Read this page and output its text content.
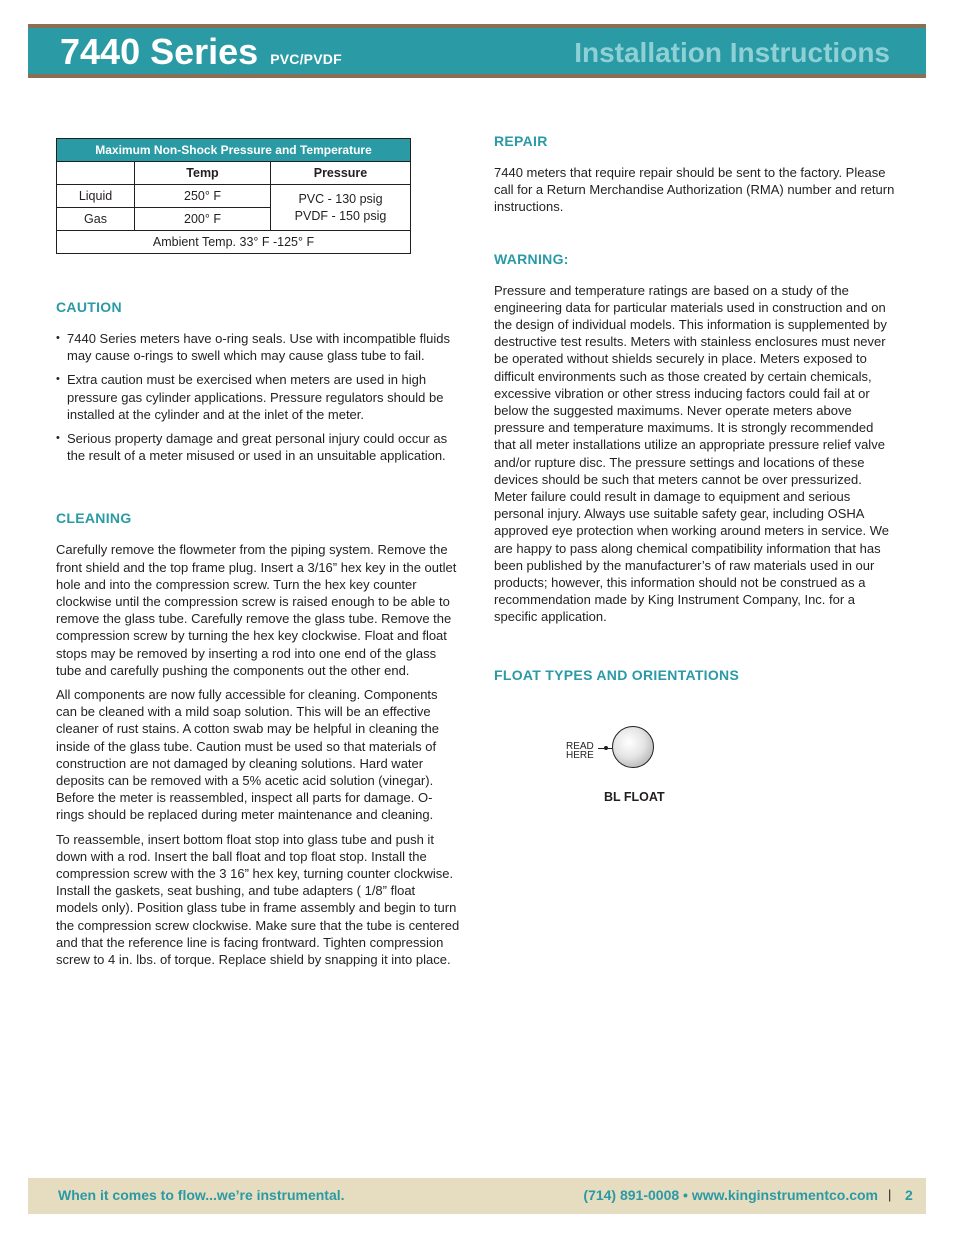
7440 Series PVC/PVDF	Installation Instructions
Maximum Non-Shock Pressure and Temperature		
	Temp	Pressure
Liquid	250° F	PVC - 130 psig
PVDF - 150 psig

Gas	200° F	
Ambient Temp. 33° F -125° F		
CAUTION
• 7440 Series meters have o-ring seals. Use with incompatible fluids may cause o-rings to swell which may cause glass tube to fail.
• Extra caution must be exercised when meters are used in high pressure gas cylinder applications. Pressure regulators should be installed at the cylinder and at the inlet of the meter.
• Serious property damage and great personal injury could occur as the result of a meter misused or used in an unsuitable application.
CLEANING

Carefully remove the flowmeter from the piping system. Remove the front shield and the top frame plug. Insert a 3/16” hex key in the outlet hole and into the compression screw. Turn the hex key counter clockwise until the compression screw is raised enough to be able to remove the glass tube. Carefully remove the glass tube. Remove the compression screw by turning the hex key clockwise. Float and float stops may be removed by inserting a rod into one end of the glass tube and carefully pushing the components out the other end.

All components are now fully accessible for cleaning. Components can be cleaned with a mild soap solution. This will be an effective cleaner of rust stains. A cotton swab may be helpful in cleaning the inside of the glass tube. Caution must be used so that materials of construction are not damaged by cleaning solutions. Hard water deposits can be removed with a 5% acetic acid solution (vinegar). Before the meter is reassembled, inspect all parts for damage. O-rings should be replaced during meter maintenance and cleaning.

To reassemble, insert bottom float stop into glass tube and push it down with a rod. Insert the ball float and top float stop. Install the compression screw with the 3 16” hex key, turning counter clockwise. Install the gaskets, seat bushing, and tube adapters ( 1/8” float models only). Position glass tube in frame assembly and begin to turn the compression screw clockwise. Make sure that the tube is centered and that the reference line is facing frontward. Tighten compression screw to 4 in. lbs. of torque. Replace shield by snapping it into place.

REPAIR

7440 meters that require repair should be sent to the factory. Please call for a Return Merchandise Authorization (RMA) number and return instructions.

WARNING:

Pressure and temperature ratings are based on a study of the engineering data for particular materials used in construction and on the design of individual models. This information is supplemented by destructive test results. Meters with stainless enclosures must never be operated without shields securely in place. Meters exposed to difficult environments such as those created by certain chemicals, excessive vibration or other stress inducing factors could fail at or below the suggested maximums. Never operate meters above pressure and temperature maximums. It is strongly recommended that all meter installations utilize an appropriate pressure relief valve and/or rupture disc. The pressure settings and locations of these devices should be such that meters cannot be over pressurized. Meter failure could result in damage to equipment and serious personal injury. Always use suitable safety gear, including OSHA approved eye protection when working around meters in service. We are happy to pass along chemical compatibility information that has been published by the manufacturer’s of raw materials used in our products; however, this information should not be construed as a recommendation made by King Instrument Company, Inc. for a specific application.

FLOAT TYPES AND ORIENTATIONS
READ
HERE
BL FLOAT
When it comes to flow...we’re instrumental.	(714) 891-0008 • www.kinginstrumentco.com | 2
